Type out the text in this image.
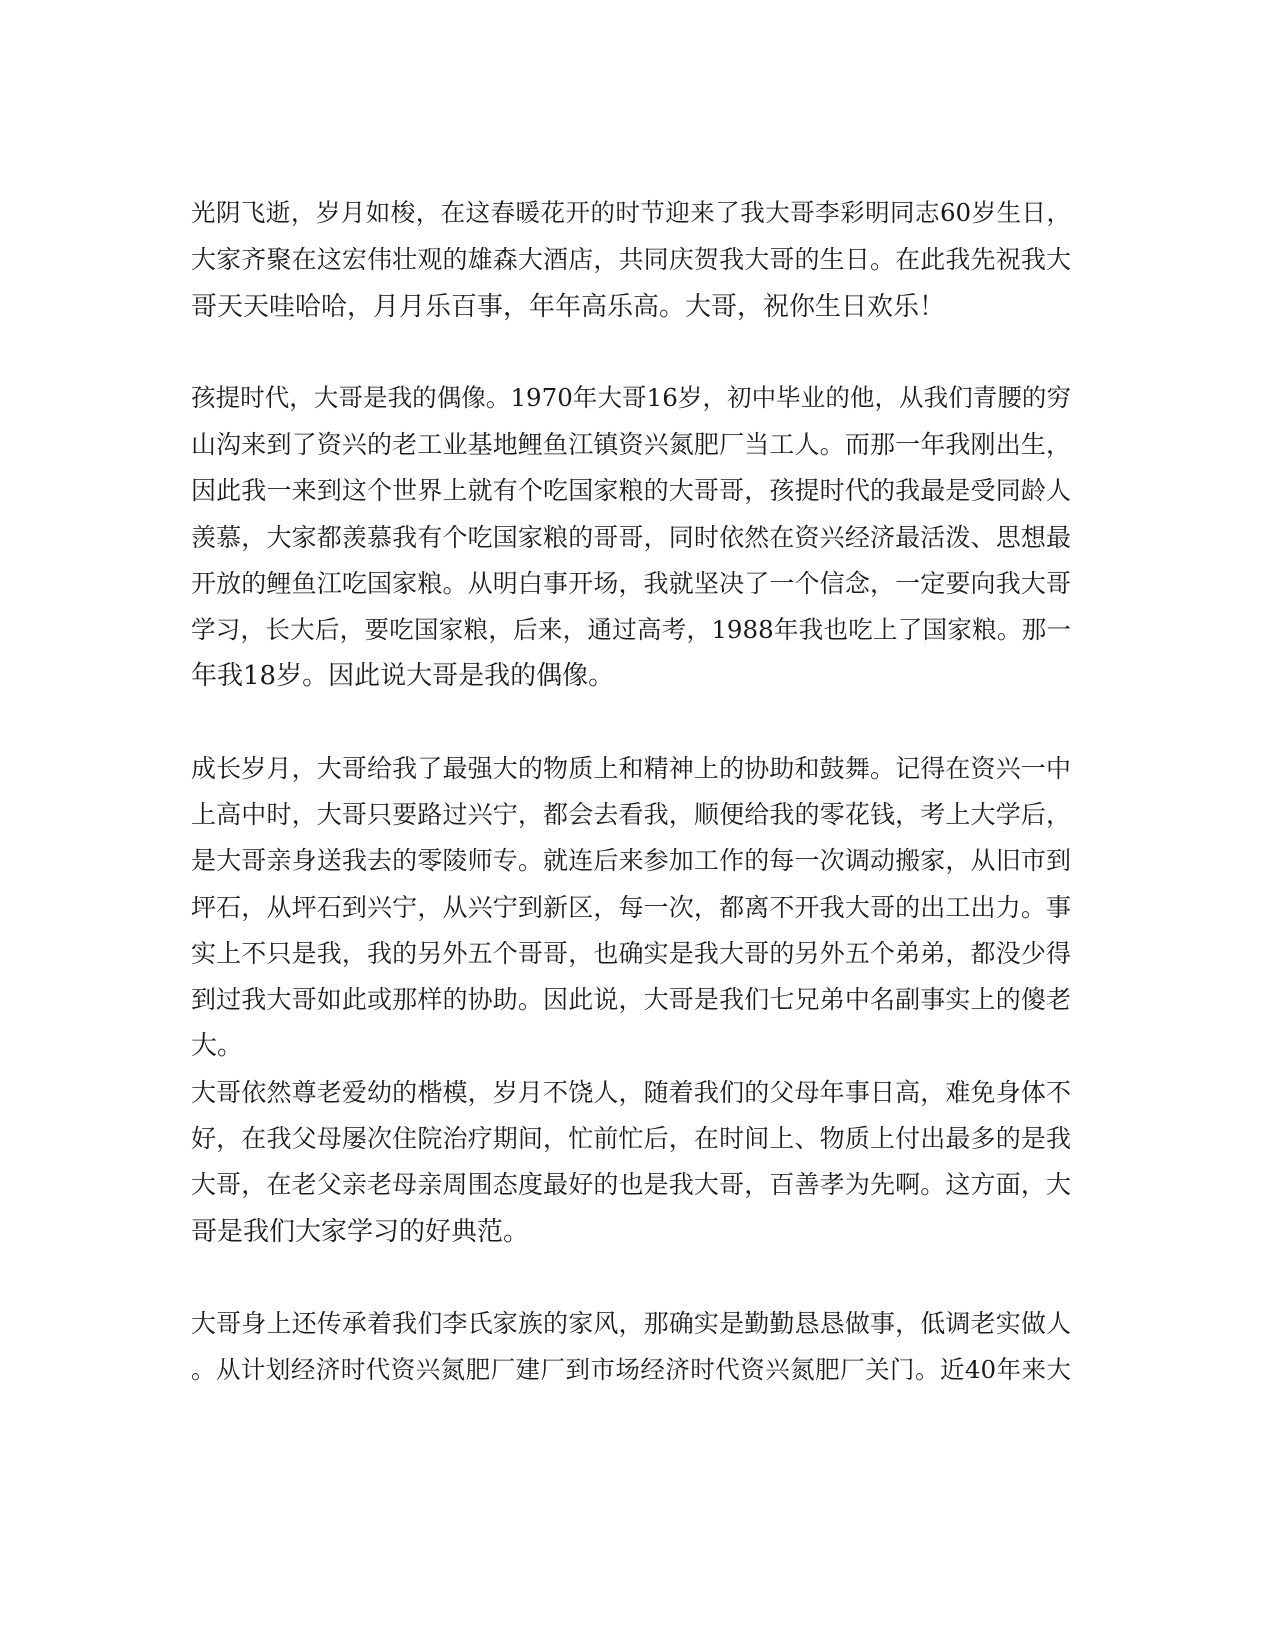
光阴飞逝，岁月如梭，在这春暖花开的时节迎来了我大哥李彩明同志60岁生日，
大家齐聚在这宏伟壮观的雄森大酒店，共同庆贺我大哥的生日。在此我先祝我大
哥天天哇哈哈，月月乐百事，年年高乐高。大哥，祝你生日欢乐！
孩提时代，大哥是我的偶像。1970年大哥16岁，初中毕业的他，从我们青腰的穷
山沟来到了资兴的老工业基地鲤鱼江镇资兴氮肥厂当工人。而那一年我刚出生，
因此我一来到这个世界上就有个吃国家粮的大哥哥，孩提时代的我最是受同龄人
羡慕，大家都羡慕我有个吃国家粮的哥哥，同时依然在资兴经济最活泼、思想最
开放的鲤鱼江吃国家粮。从明白事开场，我就坚决了一个信念，一定要向我大哥
学习，长大后，要吃国家粮，后来，通过高考，1988年我也吃上了国家粮。那一
年我18岁。因此说大哥是我的偶像。
成长岁月，大哥给我了最强大的物质上和精神上的协助和鼓舞。记得在资兴一中
上高中时，大哥只要路过兴宁，都会去看我，顺便给我的零花钱，考上大学后，
是大哥亲身送我去的零陵师专。就连后来参加工作的每一次调动搬家，从旧市到
坪石，从坪石到兴宁，从兴宁到新区，每一次，都离不开我大哥的出工出力。事
实上不只是我，我的另外五个哥哥，也确实是我大哥的另外五个弟弟，都没少得
到过我大哥如此或那样的协助。因此说，大哥是我们七兄弟中名副事实上的傻老
大。
大哥依然尊老爱幼的楷模，岁月不饶人，随着我们的父母年事日高，难免身体不
好，在我父母屡次住院治疗期间，忙前忙后，在时间上、物质上付出最多的是我
大哥，在老父亲老母亲周围态度最好的也是我大哥，百善孝为先啊。这方面，大
哥是我们大家学习的好典范。
大哥身上还传承着我们李氏家族的家风，那确实是勤勤恳恳做事，低调老实做人
。从计划经济时代资兴氮肥厂建厂到市场经济时代资兴氮肥厂关门。近40年来大
